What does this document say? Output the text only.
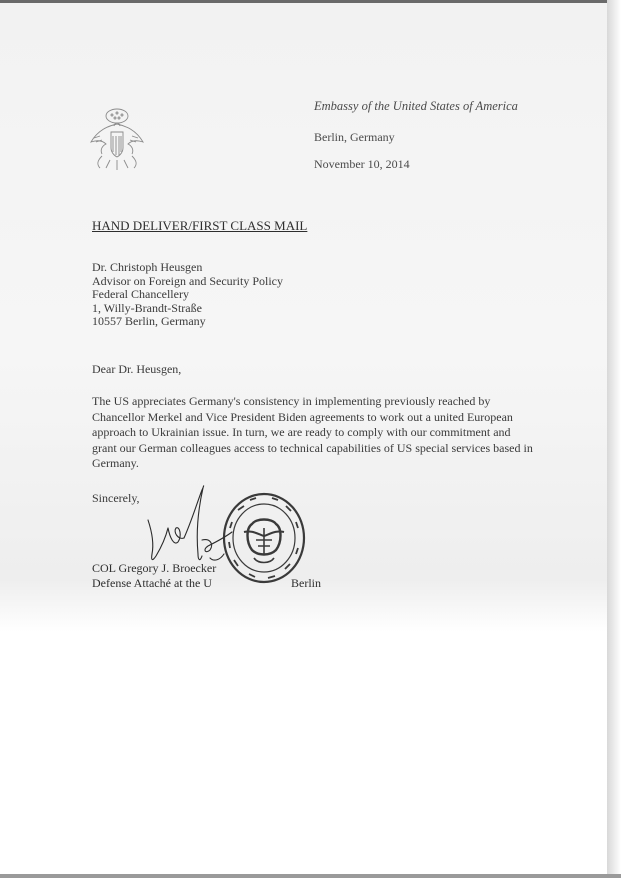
Embassy of the United States of America
Berlin, Germany
November 10, 2014
HAND DELIVER/FIRST CLASS MAIL
Dr. Christoph Heusgen
Advisor on Foreign and Security Policy
Federal Chancellery
1, Willy-Brandt-Straße
10557 Berlin, Germany
Dear Dr. Heusgen,
The US appreciates Germany's consistency in implementing previously reached by
Chancellor Merkel and Vice President Biden agreements to work out a united European
approach to Ukrainian issue. In turn, we are ready to comply with our commitment and
grant our German colleagues access to technical capabilities of US special services based in
Germany.
Sincerely,
COL Gregory J. Broecker
Defense Attaché at the U	Berlin
